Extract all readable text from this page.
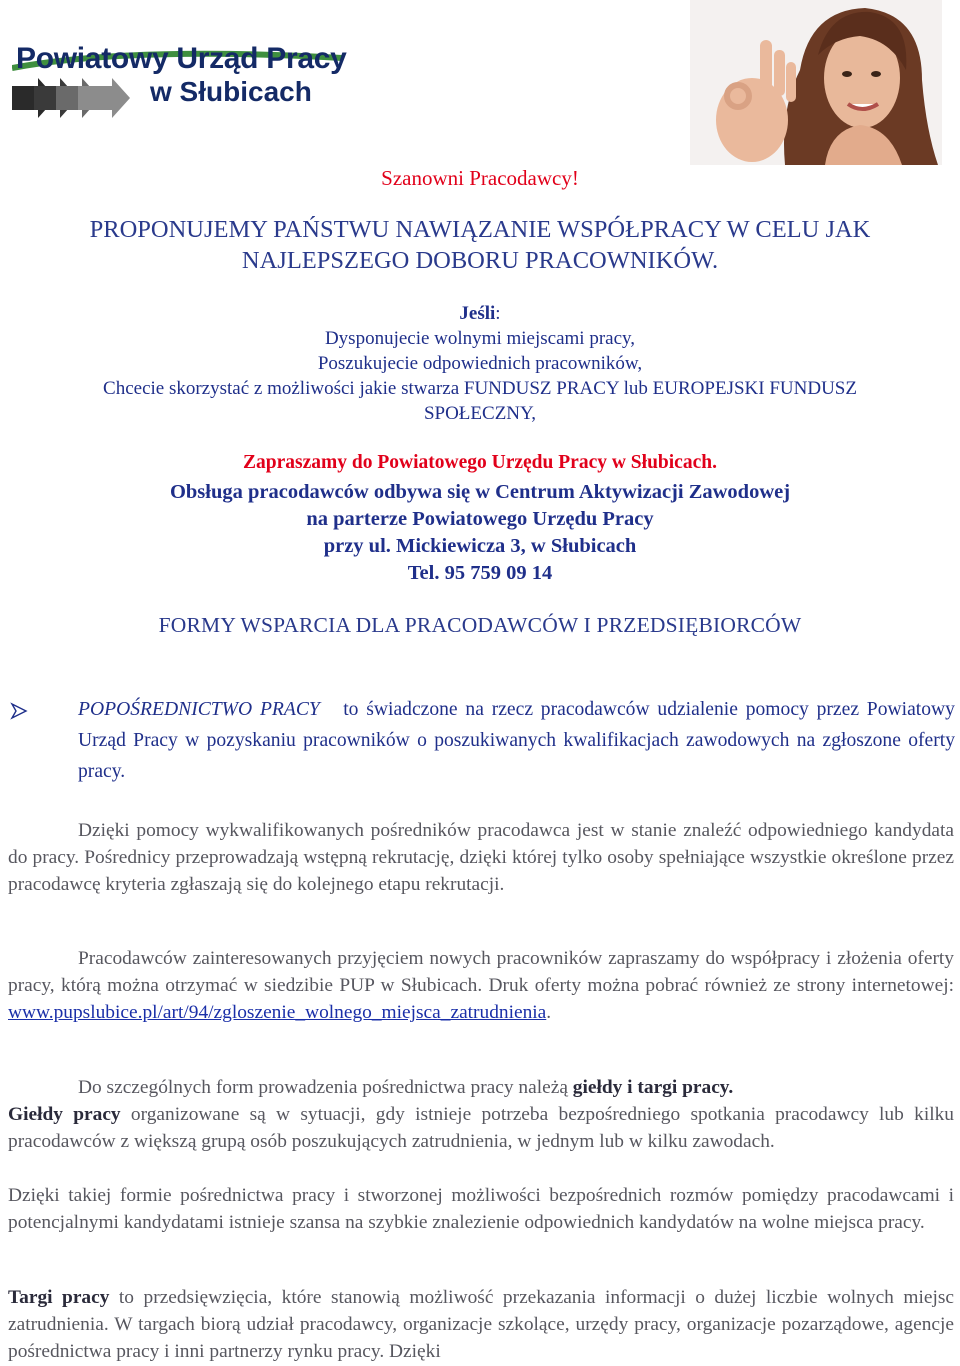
Powiatowy Urząd Pracy
w Słubicach
Szanowni Pracodawcy!
PROPONUJEMY PAŃSTWU NAWIĄZANIE WSPÓŁPRACY W CELU JAK
NAJLEPSZEGO DOBORU PRACOWNIKÓW.
Jeśli:
Dysponujecie wolnymi miejscami pracy,
Poszukujecie odpowiednich pracowników,
Chcecie skorzystać z możliwości jakie stwarza FUNDUSZ PRACY lub EUROPEJSKI FUNDUSZ
SPOŁECZNY,
Zapraszamy do Powiatowego Urzędu Pracy w Słubicach.
Obsługa pracodawców odbywa się w Centrum Aktywizacji Zawodowej
na parterze Powiatowego Urzędu Pracy
przy ul. Mickiewicza 3, w Słubicach
Tel. 95 759 09 14
FORMY WSPARCIA DLA PRACODAWCÓW I PRZEDSIĘBIORCÓW
POPOŚREDNICTWO PRACY to świadczone na rzecz pracodawców udzialenie pomocy przez Powiatowy Urząd Pracy w pozyskaniu pracowników o poszukiwanych kwalifikacjach zawodowych na zgłoszone oferty pracy.
Dzięki pomocy wykwalifikowanych pośredników pracodawca jest w stanie znaleźć odpowiedniego kandydata do pracy. Pośrednicy przeprowadzają wstępną rekrutację, dzięki której tylko osoby spełniające wszystkie określone przez pracodawcę kryteria zgłaszają się do kolejnego etapu rekrutacji.
Pracodawców zainteresowanych przyjęciem nowych pracowników zapraszamy do współpracy i złożenia oferty pracy, którą można otrzymać w siedzibie PUP w Słubicach. Druk oferty można pobrać również ze strony internetowej: www.pupslubice.pl/art/94/zgloszenie_wolnego_miejsca_zatrudnienia.
Do szczególnych form prowadzenia pośrednictwa pracy należą giełdy i targi pracy.
Giełdy pracy organizowane są w sytuacji, gdy istnieje potrzeba bezpośredniego spotkania pracodawcy lub kilku pracodawców z większą grupą osób poszukujących zatrudnienia, w jednym lub w kilku zawodach.
Dzięki takiej formie pośrednictwa pracy i stworzonej możliwości bezpośrednich rozmów pomiędzy pracodawcami i potencjalnymi kandydatami istnieje szansa na szybkie znalezienie odpowiednich kandydatów na wolne miejsca pracy.
Targi pracy to przedsięwzięcia, które stanowią możliwość przekazania informacji o dużej liczbie wolnych miejsc zatrudnienia. W targach biorą udział pracodawcy, organizacje szkolące, urzędy pracy, organizacje pozarządowe, agencje pośrednictwa pracy i inni partnerzy rynku pracy. Dzięki
